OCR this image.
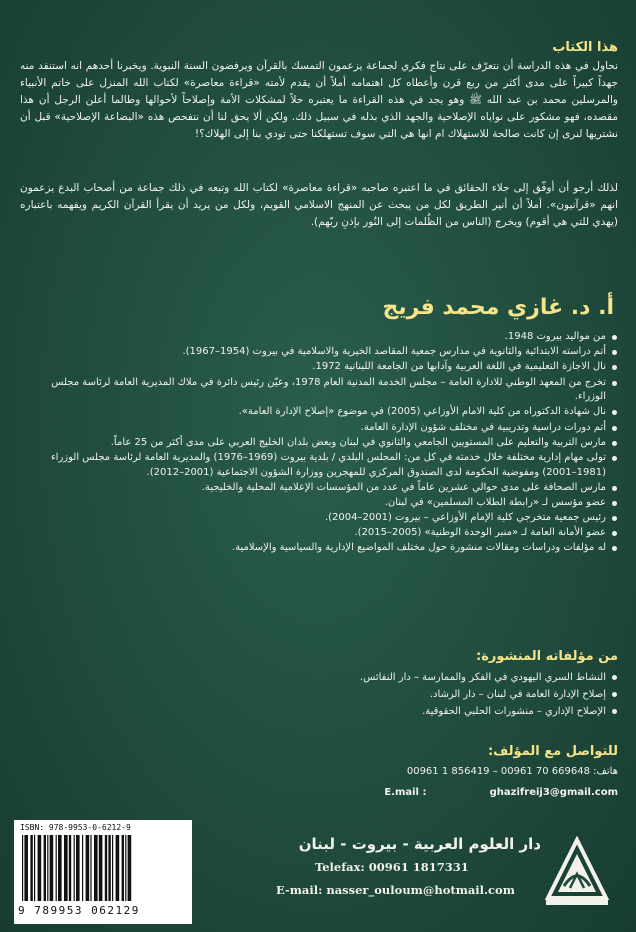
هذا الكتاب
نحاول في هذه الدراسة أن نتعرّف على نتاج فكري لجماعة يزعمون التمسك بالقرآن ويرفضون السنة النبوية. ويخبرنا أحدهم انه استنفد منه جهداً كبيراً على مدى أكثر من ربع قرن وأعطاه كل اهتمامه أملاً أن يقدم لأمته «قراءة معاصرة» لكتاب الله المنزل على خاتم الأنبياء والمرسلين محمد بن عبد الله ﷺ وهو يجد في هذه القراءة ما يعتبره حلاً لمشكلات الأمة وإصلاحاً لأحوالها وطالما أعلن الرجل أن هذا مقصده، فهو مشكور على نواياه الإصلاحية والجهد الذي بذله في سبيل ذلك. ولكن ألا يحق لنا أن نتفحص هذه «البضاعة الإصلاحية» قبل أن نشتريها لنرى إن كانت صالحة للاستهلاك ام انها هي التي سوف تستهلكنا حتى تودي بنا إلى الهلاك؟!
لذلك أرجو أن أوفّق إلى جلاء الحقائق في ما اعتبره صاحبه «قراءة معاصرة» لكتاب الله وتبعه في ذلك جماعة من أصحاب البدع يزعمون انهم «قرآنيون». أملاً أن أنير الطريق لكل من يبحث عن المنهج الاسلامي القويم، ولكل من يريد أن يقرأ القرآن الكريم ويفهمه باعتباره (يهدي للتي هي أقوم) ويخرج (الناس من الظُلمات إلى النُور بإذنِ ربّهم).
أ. د. غازي محمد فريج
من مواليد بيروت 1948.
أتم دراسته الابتدائية والثانوية في مدارس جمعية المقاصد الخيرية والاسلامية في بيروت (1954–1967).
نال الاجازة التعليمية في اللغة العربية وآدابها من الجامعة اللبنانية 1972.
تخرج من المعهد الوطني للادارة العامة – مجلس الخدمة المدنية العام 1978، وعيّن رئيس دائرة في ملاك المديرية العامة لرئاسة مجلس الوزراء.
نال شهادة الدكتوراه من كلية الامام الأوزاعي (2005) في موضوع «إصلاح الإدارة العامة».
أتم دورات دراسية وتدريبية في مختلف شؤون الإدارة العامة.
مارس التربية والتعليم على المستويين الجامعي والثانوي في لبنان وبعض بلدان الخليج العربي على مدى أكثر من 25 عاماً.
تولى مهام إدارية مختلفة خلال خدمته في كل من: المجلس البلدي / بلدية بيروت (1969–1976) والمديرية العامة لرئاسة مجلس الوزراء (1981–2001) ومفوضية الحكومة لدى الصندوق المركزي للمهجرين ووزارة الشؤون الاجتماعية (2001–2012).
مارس الصحافة على مدى حوالي عشرين عاماً في عدد من المؤسسات الإعلامية المحلية والخليجية.
عضو مؤسس لـ «رابطة الطلاب المسلمين» في لبنان.
رئيس جمعية متخرجي كلية الإمام الأوزاعي – بيروت (2001–2004).
عضو الأمانة العامة لـ «منبر الوحدة الوطنية» (2005–2015).
له مؤلفات ودراسات ومقالات منشورة حول مختلف المواضيع الإدارية والسياسية والإسلامية.
من مؤلفاته المنشورة:
النشاط السري اليهودي في الفكر والممارسة – دار النفائس.
إصلاح الإدارة العامة في لبنان – دار الرشاد.
الإصلاح الإداري – منشورات الحلبي الحقوقية.
للتواصل مع المؤلف:
هاتف: 00961 1 856419 – 00961 70 669648
E.mail :	ghazifreij3@gmail.com
ISBN: 978-9953-0-6212-9
9 789953 062129
دار العلوم العربية - بيروت - لبنان
Telefax: 00961 1817331
E-mail: nasser_ouloum@hotmail.com
